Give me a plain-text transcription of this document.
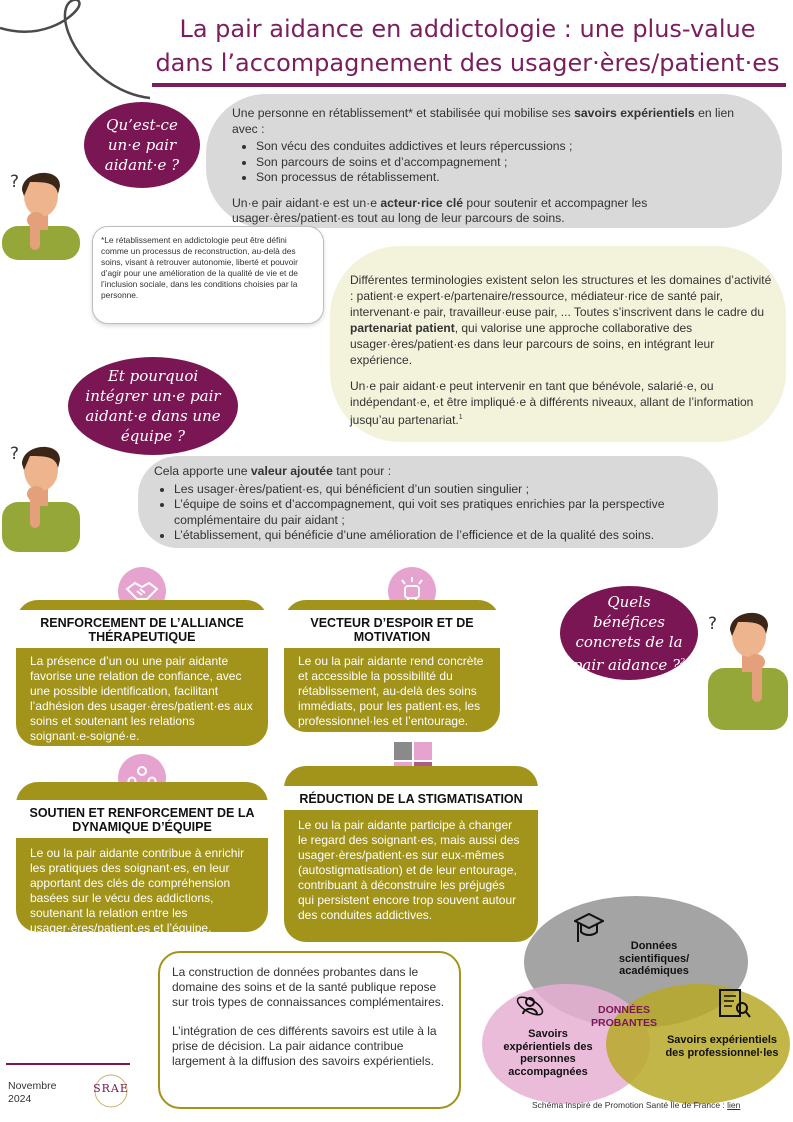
La pair aidance en addictologie : une plus-value
dans l’accompagnement des usager·ères/patient·es
Une personne en rétablissement* et stabilisée qui mobilise ses savoirs expérientiels en lien avec :
• Son vécu des conduites addictives et leurs répercussions ;
• Son parcours de soins et d’accompagnement ;
• Son processus de rétablissement.
Un·e pair aidant·e est un·e acteur·rice clé pour soutenir et accompagner les usager·ères/patient·es tout au long de leur parcours de soins.
Qu’est-ce un·e pair aidant·e ?
?
*Le rétablissement en addictologie peut être défini comme un processus de reconstruction, au-delà des soins, visant à retrouver autonomie, liberté et pouvoir d’agir pour une amélioration de la qualité de vie et de l’inclusion sociale, dans les conditions choisies par la personne.
Différentes terminologies existent selon les structures et les domaines d’activité : patient·e expert·e/partenaire/ressource, médiateur·rice de santé pair, intervenant·e pair, travailleur·euse pair, ... Toutes s’inscrivent dans le cadre du partenariat patient, qui valorise une approche collaborative des usager·ères/patient·es dans leur parcours de soins, en intégrant leur expérience.
Un·e pair aidant·e peut intervenir en tant que bénévole, salarié·e, ou indépendant·e, et être impliqué·e à différents niveaux, allant de l’information jusqu’au partenariat.$^1$
Et pourquoi intégrer un·e pair aidant·e dans une équipe ?
?
Cela apporte une valeur ajoutée tant pour :
• Les usager·ères/patient·es, qui bénéficient d’un soutien singulier ;
• L’équipe de soins et d’accompagnement, qui voit ses pratiques enrichies par la perspective complémentaire du pair aidant ;
• L’établissement, qui bénéficie d’une amélioration de l’efficience et de la qualité des soins.
RENFORCEMENT DE L’ALLIANCE THÉRAPEUTIQUE

La présence d’un ou une pair aidante favorise une relation de confiance, avec une possible identification, facilitant l’adhésion des usager·ères/patient·es aux soins et soutenant les relations soignant·e-soigné·e.

VECTEUR D’ESPOIR ET DE MOTIVATION

Le ou la pair aidante rend concrète et accessible la possibilité du rétablissement, au-delà des soins immédiats, pour les patient·es, les professionnel·les et l’entourage.

Quels bénéfices concrets de la pair aidance ?$^2$
?
SOUTIEN ET RENFORCEMENT DE LA DYNAMIQUE D’ÉQUIPE

Le ou la pair aidante contribue à enrichir les pratiques des soignant·es, en leur apportant des clés de compréhension basées sur le vécu des addictions, soutenant la relation entre les usager·ères/patient·es et l’équipe.

RÉDUCTION DE LA STIGMATISATION

Le ou la pair aidante participe à changer le regard des soignant·es, mais aussi des usager·ères/patient·es sur eux-mêmes (autostigmatisation) et de leur entourage, contribuant à déconstruire les préjugés qui persistent encore trop souvent autour des conduites addictives.

La construction de données probantes dans le domaine des soins et de la santé publique repose sur trois types de connaissances complémentaires.
L’intégration de ces différents savoirs est utile à la prise de décision. La pair aidance contribue largement à la diffusion des savoirs expérientiels.
Données scientifiques/ académiques
Savoirs expérientiels des personnes accompagnées
Savoirs expérientiels des professionnel·les
DONNÉES PROBANTES
Schéma inspiré de Promotion Santé Île de France : lien
Novembre
2024
SRAE
